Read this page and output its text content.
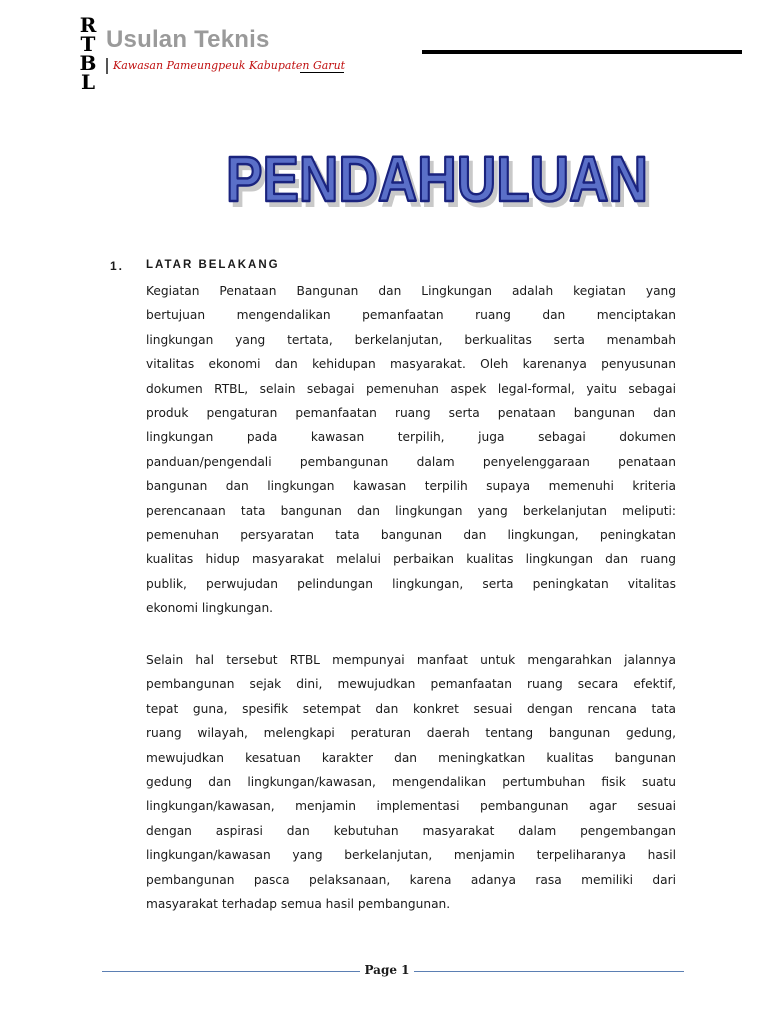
R
T
B
L
Usulan Teknis
Kawasan Pameungpeuk Kabupaten Garut
PENDAHULUAN
PENDAHULUAN
1. LATAR BELAKANG
Kegiatan Penataan Bangunan dan Lingkungan adalah kegiatan yang
bertujuan mengendalikan pemanfaatan ruang dan menciptakan
lingkungan yang tertata, berkelanjutan, berkualitas serta menambah
vitalitas ekonomi dan kehidupan masyarakat. Oleh karenanya penyusunan
dokumen RTBL, selain sebagai pemenuhan aspek legal-formal, yaitu sebagai
produk pengaturan pemanfaatan ruang serta penataan bangunan dan
lingkungan pada kawasan terpilih, juga sebagai dokumen
panduan/pengendali pembangunan dalam penyelenggaraan penataan
bangunan dan lingkungan kawasan terpilih supaya memenuhi kriteria
perencanaan tata bangunan dan lingkungan yang berkelanjutan meliputi:
pemenuhan persyaratan tata bangunan dan lingkungan, peningkatan
kualitas hidup masyarakat melalui perbaikan kualitas lingkungan dan ruang
publik, perwujudan pelindungan lingkungan, serta peningkatan vitalitas
ekonomi lingkungan.
Selain hal tersebut RTBL mempunyai manfaat untuk mengarahkan jalannya
pembangunan sejak dini, mewujudkan pemanfaatan ruang secara efektif,
tepat guna, spesifik setempat dan konkret sesuai dengan rencana tata
ruang wilayah, melengkapi peraturan daerah tentang bangunan gedung,
mewujudkan kesatuan karakter dan meningkatkan kualitas bangunan
gedung dan lingkungan/kawasan, mengendalikan pertumbuhan fisik suatu
lingkungan/kawasan, menjamin implementasi pembangunan agar sesuai
dengan aspirasi dan kebutuhan masyarakat dalam pengembangan
lingkungan/kawasan yang berkelanjutan, menjamin terpeliharanya hasil
pembangunan pasca pelaksanaan, karena adanya rasa memiliki dari
masyarakat terhadap semua hasil pembangunan.
Page 1
